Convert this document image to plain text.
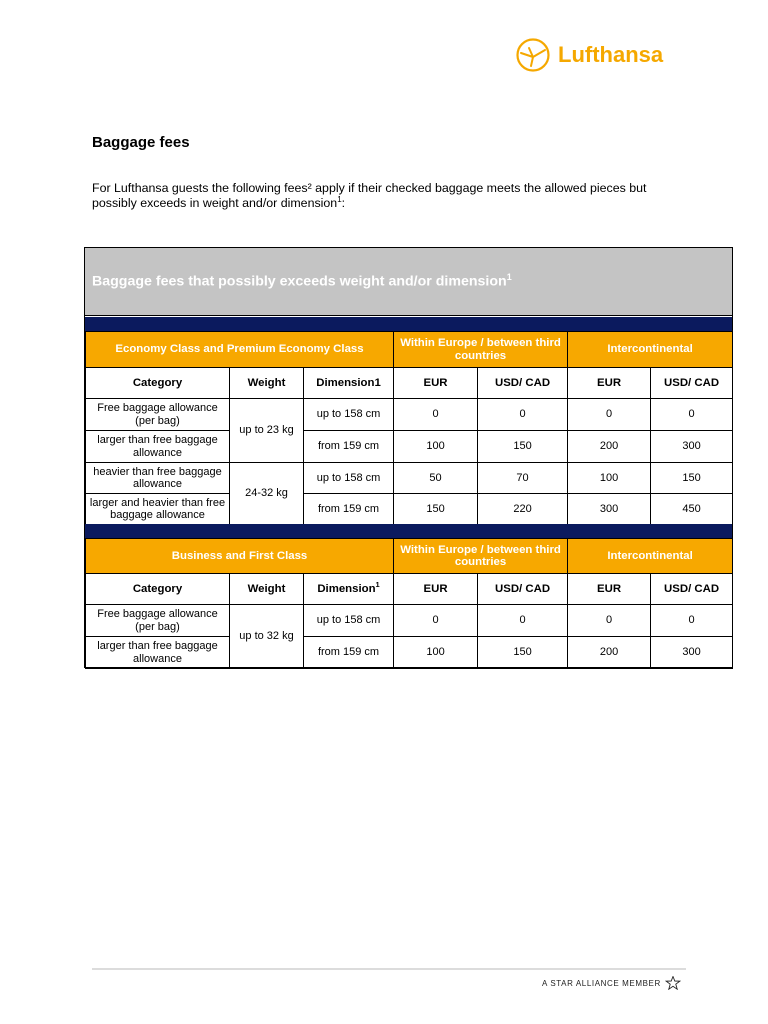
Lufthansa
Baggage fees
For Lufthansa guests the following fees² apply if their checked baggage meets the allowed pieces but possibly exceeds in weight and/or dimension$^1$:
Baggage fees that possibly exceeds weight and/or dimension$^1$
Economy Class and Premium Economy Class			Within Europe / between third countries		Intercontinental	
Category	Weight	Dimension1	EUR	USD/ CAD	EUR	USD/ CAD
Free baggage allowance (per bag)	up to 23 kg	up to 158 cm	0	0	0	0
larger than free baggage allowance		from 159 cm	100	150	200	300
heavier than free baggage allowance	24-32 kg	up to 158 cm	50	70	100	150
larger and heavier than free baggage allowance		from 159 cm	150	220	300	450
Business and First Class			Within Europe / between third countries		Intercontinental	
Category	Weight	Dimension$^1$	EUR	USD/ CAD	EUR	USD/ CAD
Free baggage allowance (per bag)	up to 32 kg	up to 158 cm	0	0	0	0
larger than free baggage allowance		from 159 cm	100	150	200	300
A STAR ALLIANCE MEMBER
